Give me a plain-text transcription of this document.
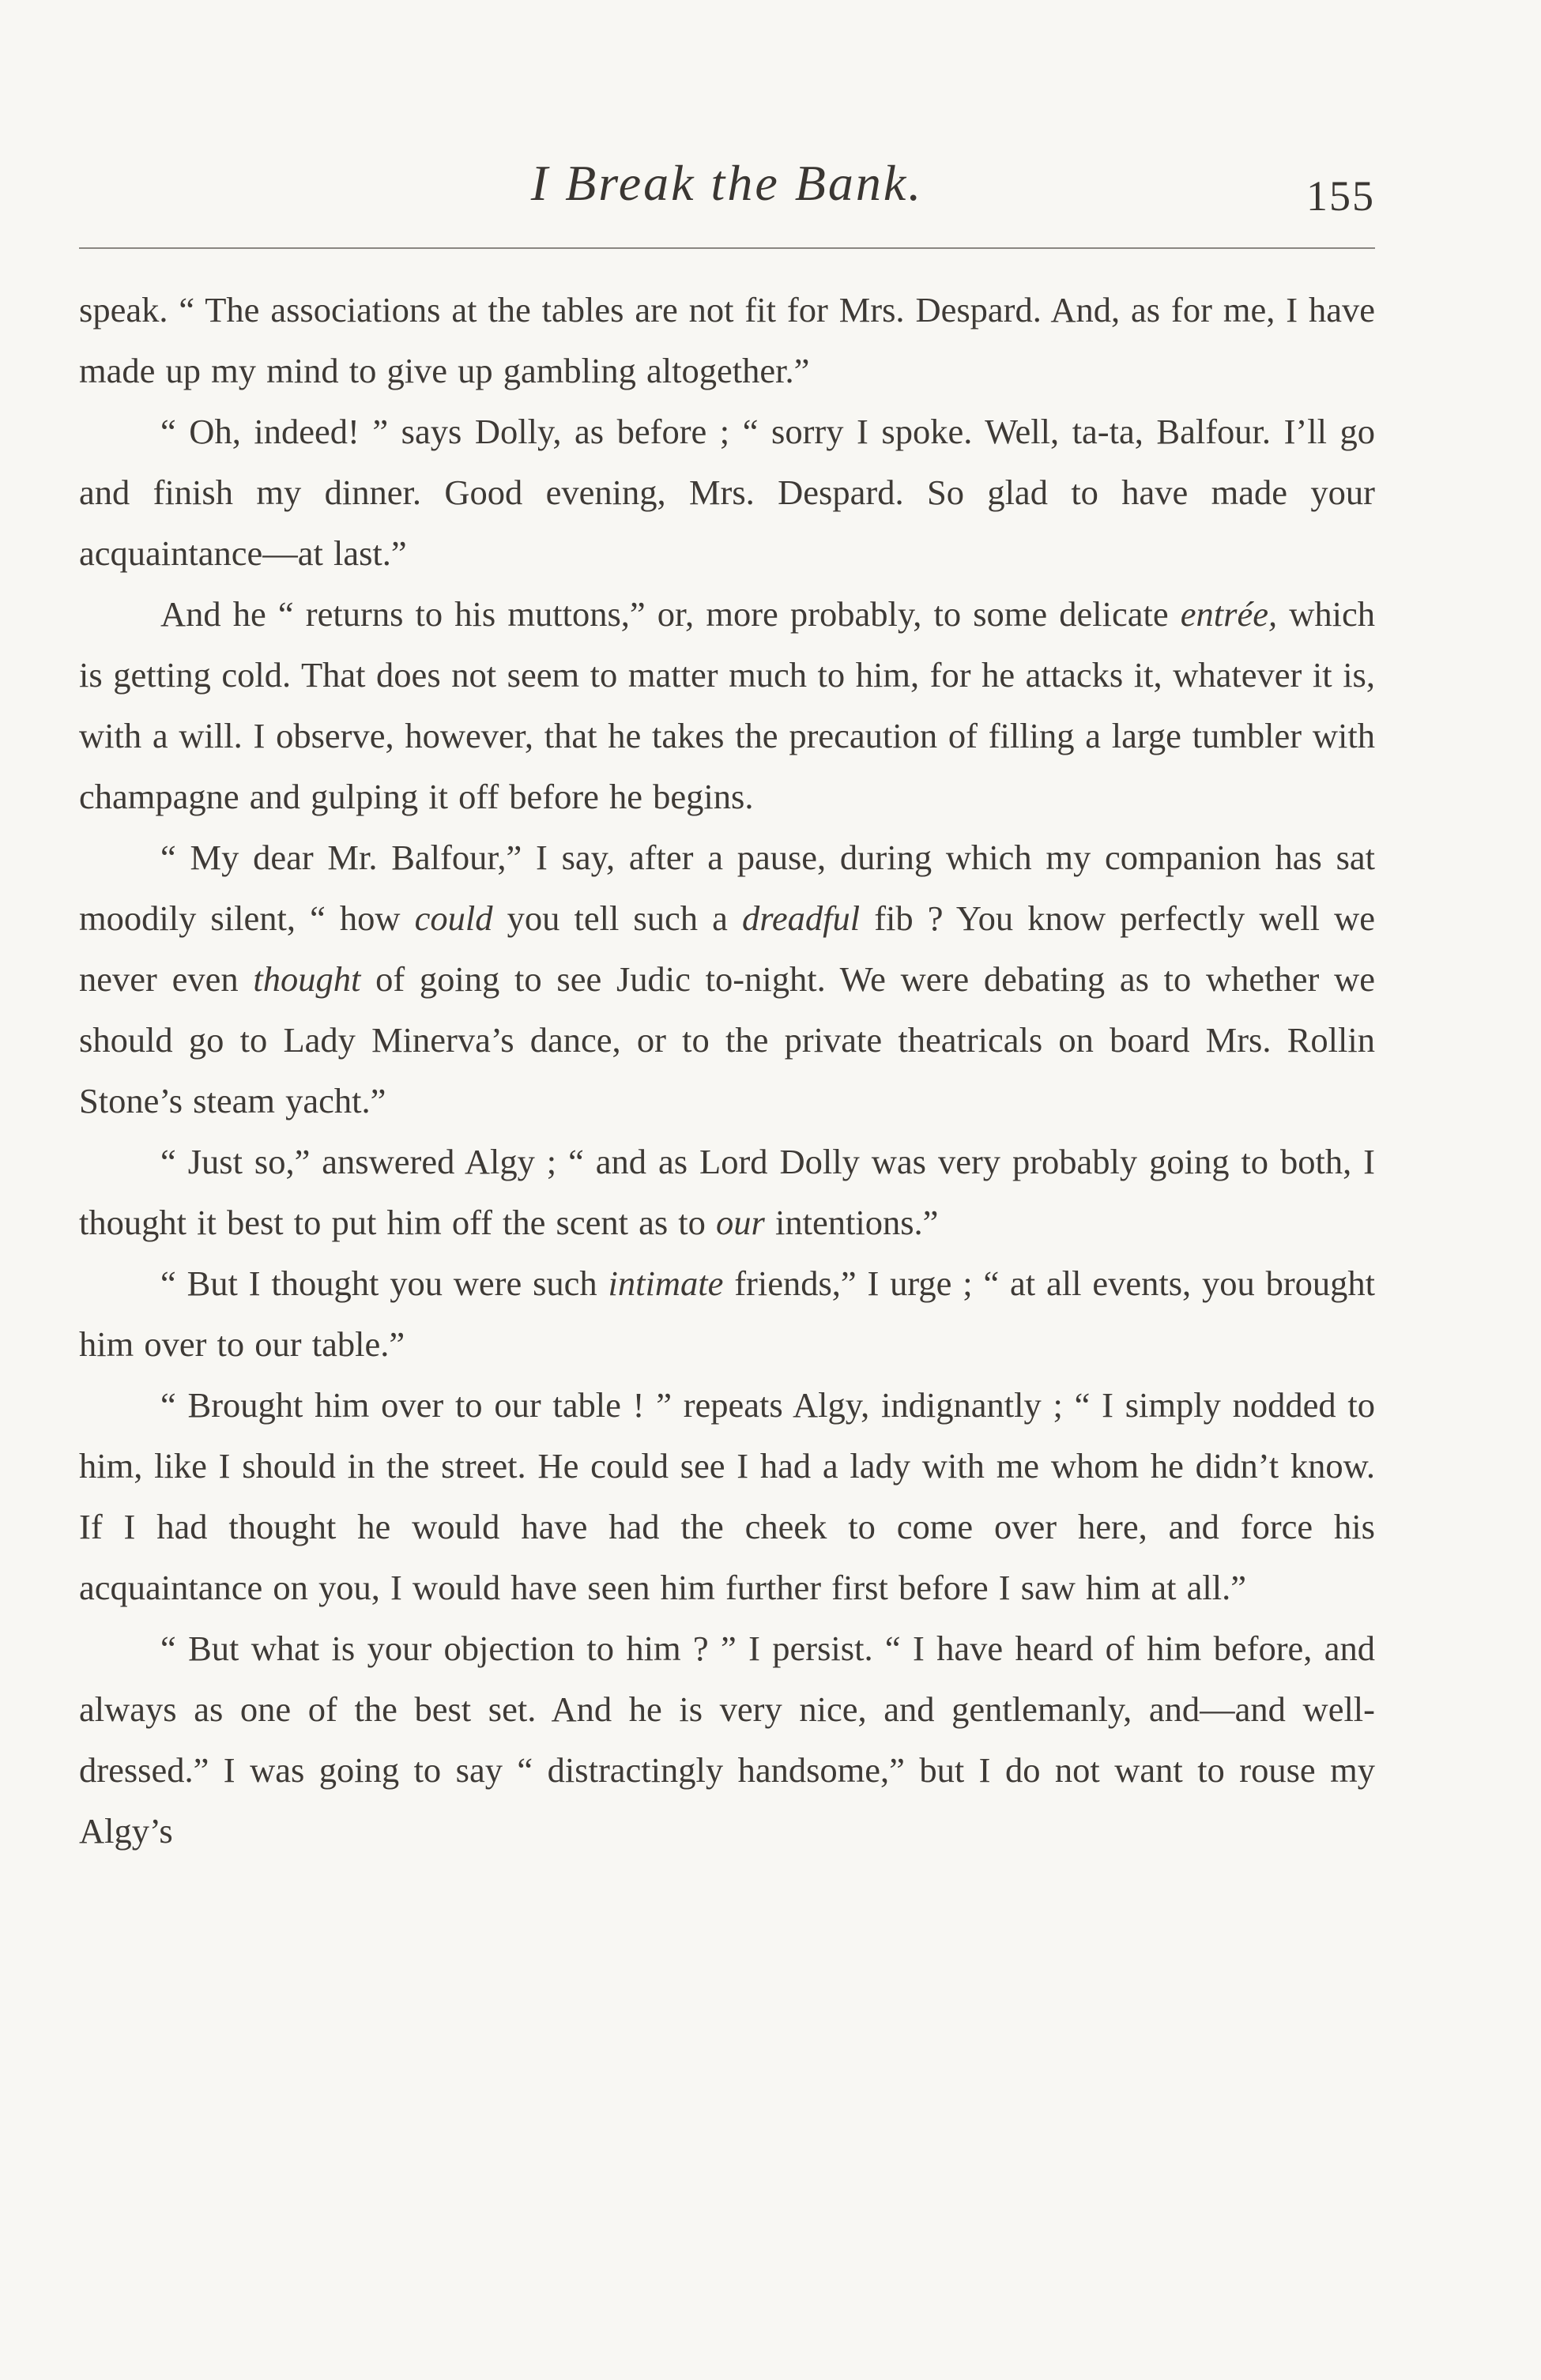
I Break the Bank.	155

speak. “ The associations at the tables are not fit for Mrs. Despard. And, as for me, I have made up my mind to give up gambling altogether.”

“ Oh, indeed! ” says Dolly, as before ; “ sorry I spoke. Well, ta-ta, Balfour. I’ll go and finish my dinner. Good evening, Mrs. Despard. So glad to have made your acquaintance—at last.”

And he “ returns to his muttons,” or, more probably, to some delicate entrée, which is getting cold. That does not seem to matter much to him, for he attacks it, whatever it is, with a will. I observe, however, that he takes the precaution of filling a large tumbler with champagne and gulping it off before he begins.

“ My dear Mr. Balfour,” I say, after a pause, during which my companion has sat moodily silent, “ how could you tell such a dreadful fib ? You know perfectly well we never even thought of going to see Judic to-night. We were debating as to whether we should go to Lady Minerva’s dance, or to the private theatricals on board Mrs. Rollin Stone’s steam yacht.”

“ Just so,” answered Algy ; “ and as Lord Dolly was very probably going to both, I thought it best to put him off the scent as to our intentions.”

“ But I thought you were such intimate friends,” I urge ; “ at all events, you brought him over to our table.”

“ Brought him over to our table ! ” repeats Algy, indignantly ; “ I simply nodded to him, like I should in the street. He could see I had a lady with me whom he didn’t know. If I had thought he would have had the cheek to come over here, and force his acquaintance on you, I would have seen him further first before I saw him at all.”

“ But what is your objection to him ? ” I persist. “ I have heard of him before, and always as one of the best set. And he is very nice, and gentlemanly, and—and well-dressed.” I was going to say “ distractingly handsome,” but I do not want to rouse my Algy’s
